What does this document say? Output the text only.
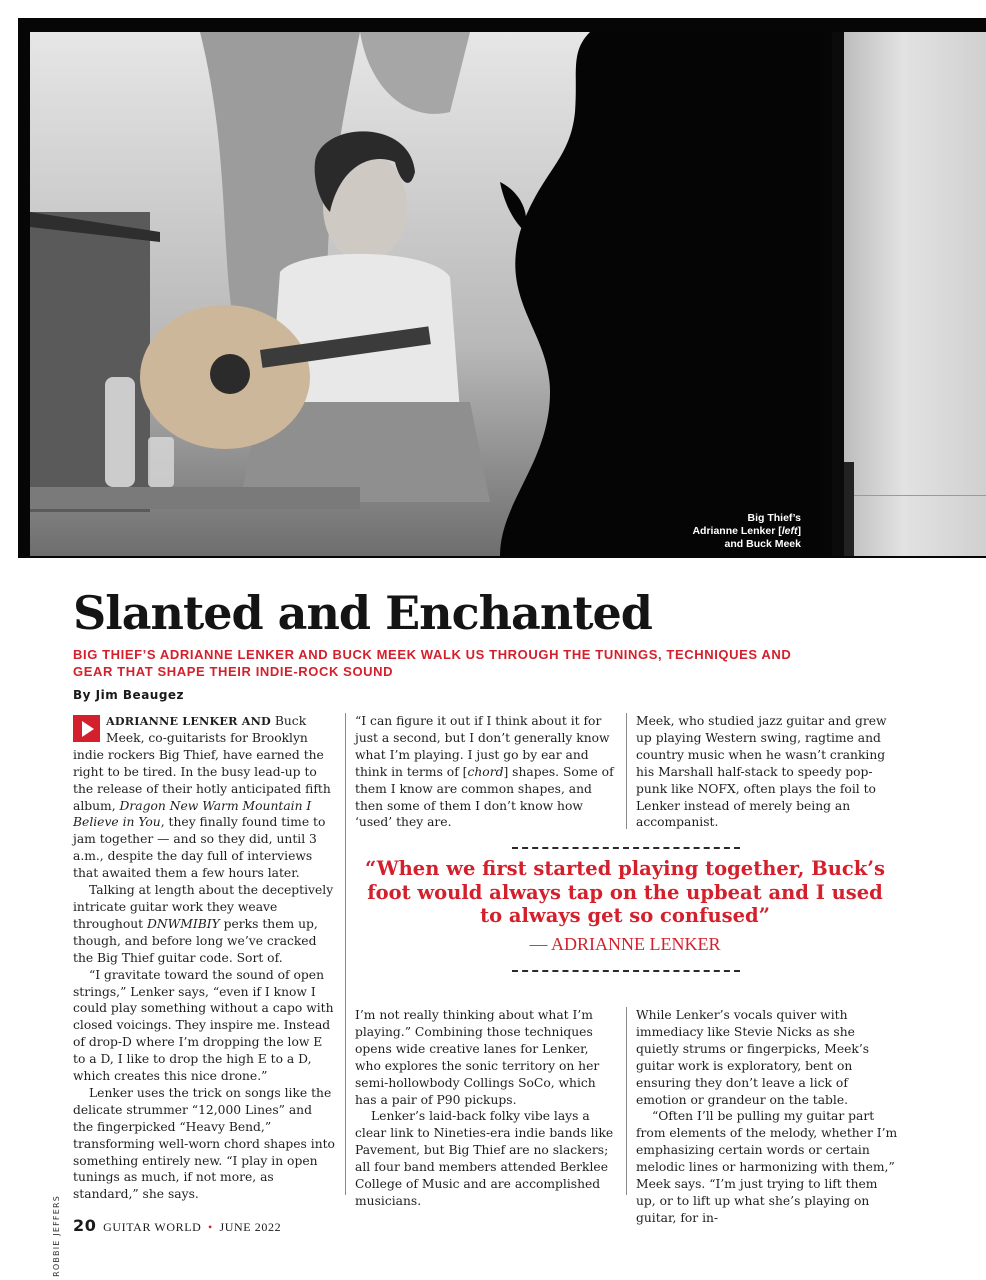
Big Thief’s
Adrianne Lenker [left]
and Buck Meek
Slanted and Enchanted
BIG THIEF’S ADRIANNE LENKER AND BUCK MEEK WALK US THROUGH THE TUNINGS, TECHNIQUES AND GEAR THAT SHAPE THEIR INDIE-ROCK SOUND
By Jim Beaugez

ADRIANNE LENKER AND Buck Meek, co-guitarists for Brooklyn indie rockers Big Thief, have earned the right to be tired. In the busy lead-up to the release of their hotly anticipated fifth album, Dragon New Warm Mountain I Believe in You, they finally found time to jam together — and so they did, until 3 a.m., despite the day full of interviews that awaited them a few hours later.

Talking at length about the deceptively intricate guitar work they weave throughout DNWMIBIY perks them up, though, and before long we’ve cracked the Big Thief guitar code. Sort of.

“I gravitate toward the sound of open strings,” Lenker says, “even if I know I could play something without a capo with closed voicings. They inspire me. Instead of drop-D where I’m dropping the low E to a D, I like to drop the high E to a D, which creates this nice drone.”

Lenker uses the trick on songs like the delicate strummer “12,000 Lines” and the fingerpicked “Heavy Bend,” transforming well-worn chord shapes into something entirely new. “I play in open tunings as much, if not more, as standard,” she says.

“I can figure it out if I think about it for just a second, but I don’t generally know what I’m playing. I just go by ear and think in terms of [chord] shapes. Some of them I know are common shapes, and then some of them I don’t know how ‘used’ they are.

Meek, who studied jazz guitar and grew up playing Western swing, ragtime and country music when he wasn’t cranking his Marshall half-stack to speedy pop-punk like NOFX, often plays the foil to Lenker instead of merely being an accompanist.

“When we first started playing together, Buck’s foot would always tap on the upbeat and I used to always get so confused”
— ADRIANNE LENKER

I’m not really thinking about what I’m playing.” Combining those techniques opens wide creative lanes for Lenker, who explores the sonic territory on her semi-hollowbody Collings SoCo, which has a pair of P90 pickups.

Lenker’s laid-back folky vibe lays a clear link to Nineties-era indie bands like Pavement, but Big Thief are no slackers; all four band members attended Berklee College of Music and are accomplished musicians.

While Lenker’s vocals quiver with immediacy like Stevie Nicks as she quietly strums or fingerpicks, Meek’s guitar work is exploratory, bent on ensuring they don’t leave a lick of emotion or grandeur on the table.

“Often I’ll be pulling my guitar part from elements of the melody, whether I’m emphasizing certain words or certain melodic lines or harmonizing with them,” Meek says. “I’m just trying to lift them up, or to lift up what she’s playing on guitar, for in-

ROBBIE JEFFERS 20 GUITAR WORLD • JUNE 2022
